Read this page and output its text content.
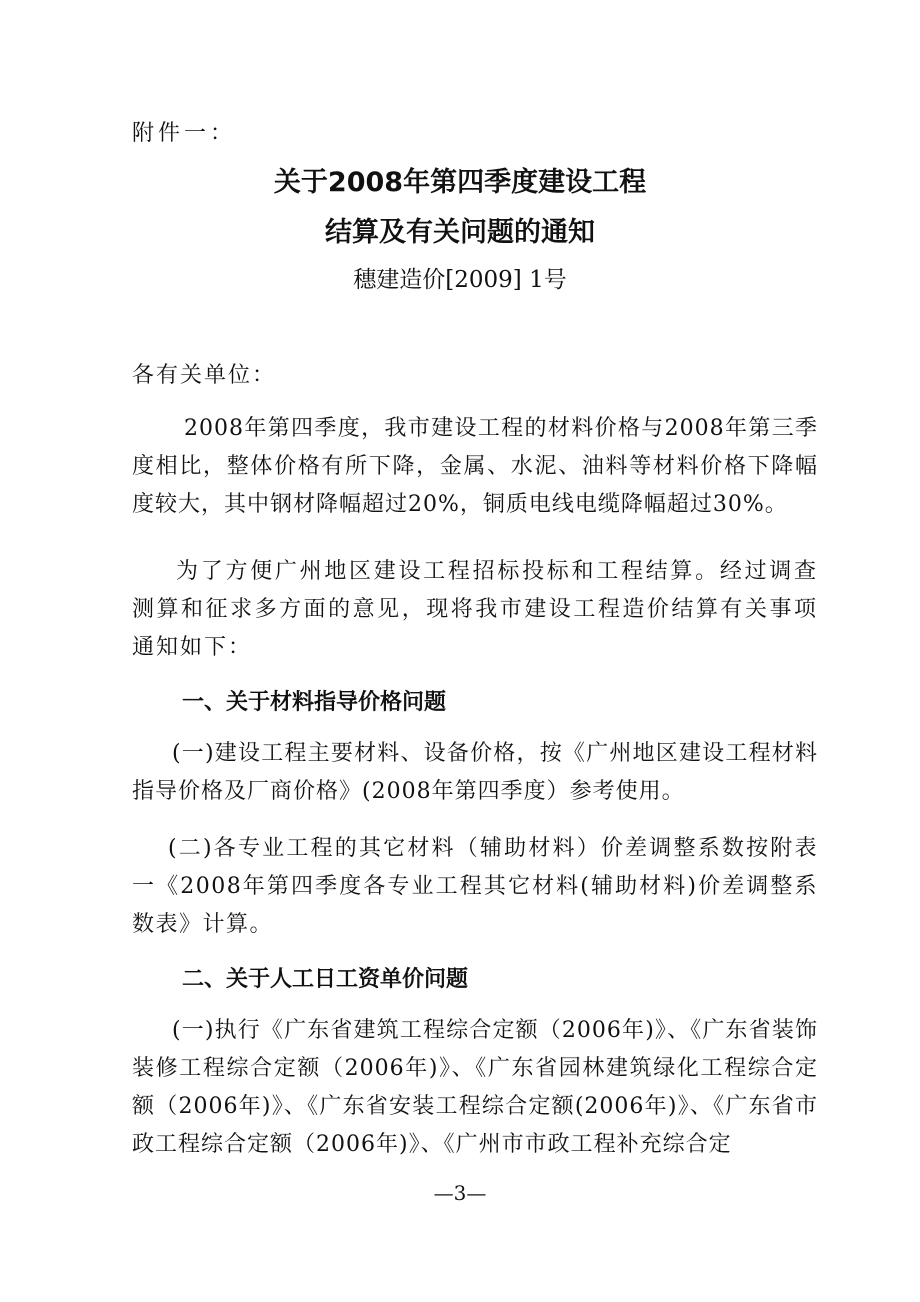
附件一：
关于2008年第四季度建设工程
结算及有关问题的通知
穗建造价[2009] 1号
各有关单位：
2008年第四季度，我市建设工程的材料价格与2008年第三季度相比，整体价格有所下降，金属、水泥、油料等材料价格下降幅度较大，其中钢材降幅超过20%，铜质电线电缆降幅超过30%。
为了方便广州地区建设工程招标投标和工程结算。经过调查测算和征求多方面的意见，现将我市建设工程造价结算有关事项通知如下：
一、关于材料指导价格问题
(一)建设工程主要材料、设备价格，按《广州地区建设工程材料指导价格及厂商价格》(2008年第四季度）参考使用。
(二)各专业工程的其它材料（辅助材料）价差调整系数按附表一《2008年第四季度各专业工程其它材料(辅助材料)价差调整系数表》计算。
二、关于人工日工资单价问题
(一)执行《广东省建筑工程综合定额（2006年)》、《广东省装饰装修工程综合定额（2006年)》、《广东省园林建筑绿化工程综合定额（2006年)》、《广东省安装工程综合定额(2006年)》、《广东省市政工程综合定额（2006年)》、《广州市市政工程补充综合定
—3—
